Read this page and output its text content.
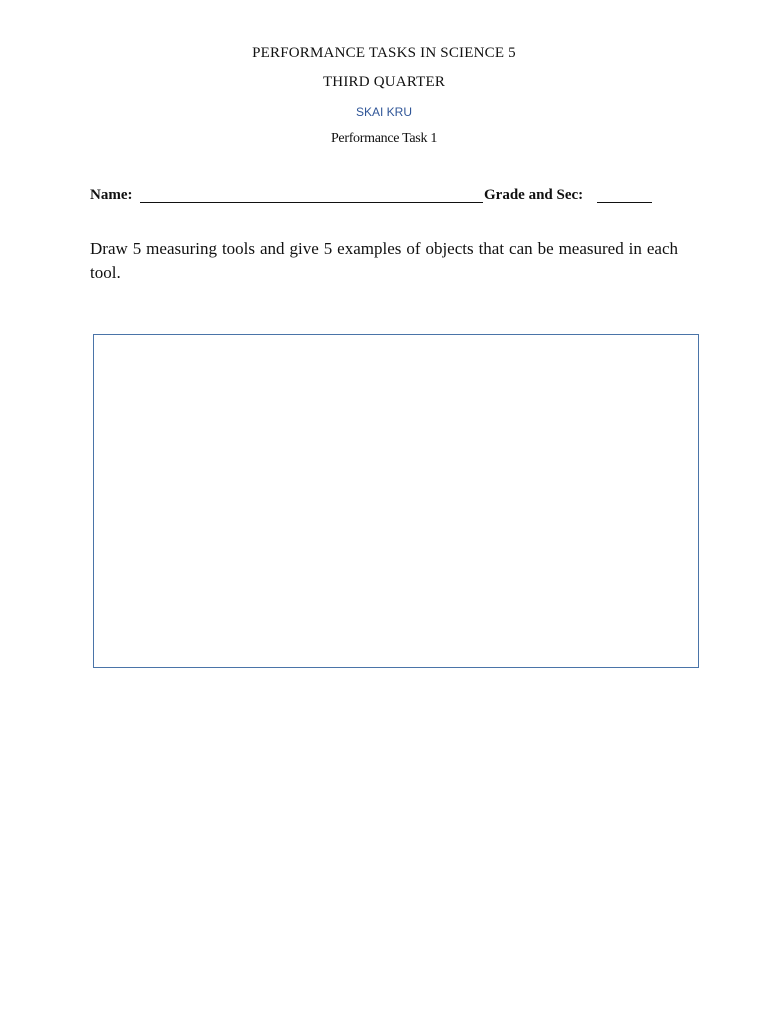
PERFORMANCE TASKS IN SCIENCE 5
THIRD QUARTER
SKAI KRU
Performance Task 1
Name:	Grade and Sec:
Draw 5 measuring tools and give 5 examples of objects that can be measured in each tool.
